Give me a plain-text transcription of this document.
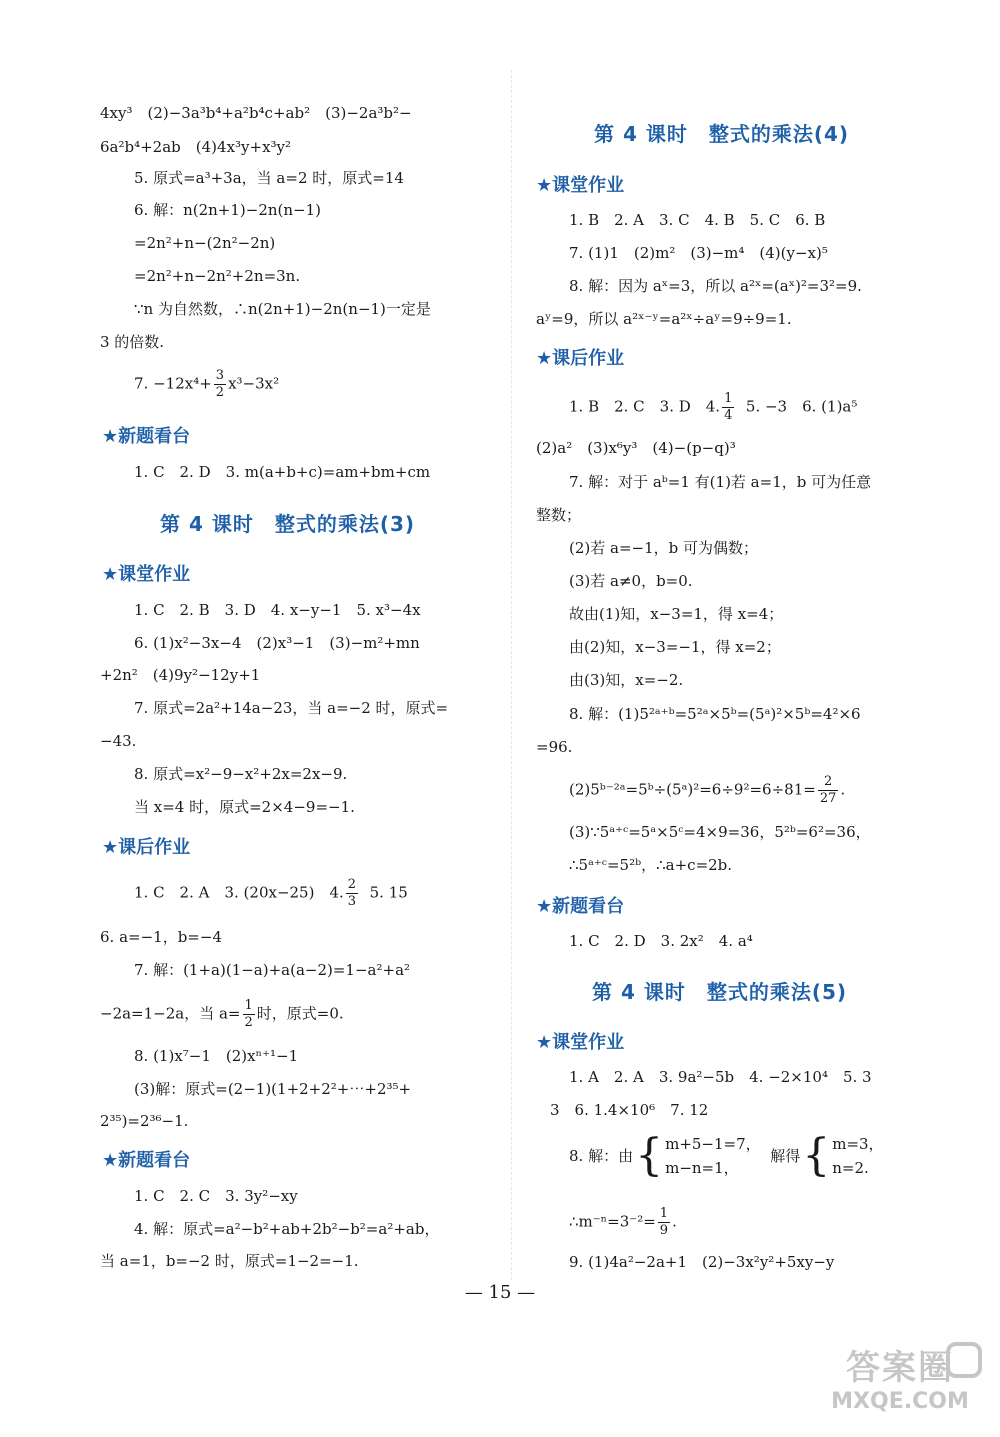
4xy³　(2)−3a³b⁴+a²b⁴c+ab²　(3)−2a³b²−
6a²b⁴+2ab　(4)4x³y+x³y²
5. 原式=a³+3a，当 a=2 时，原式=14
6. 解：n(2n+1)−2n(n−1)
=2n²+n−(2n²−2n)
=2n²+n−2n²+2n=3n.
∵n 为自然数，∴n(2n+1)−2n(n−1)一定是
3 的倍数.
7. $-12x^4+ \frac{3}{2} x^3-3x^2$
★新题看台
1. C　2. D　3. m(a+b+c)=am+bm+cm
第 4 课时　整式的乘法(3)
★课堂作业
1. C　2. B　3. D　4. x−y−1　5. x³−4x
6. (1)x²−3x−4　(2)x³−1　(3)−m²+mn
+2n²　(4)9y²−12y+1
7. 原式=2a²+14a−23，当 a=−2 时，原式=
−43.
8. 原式=x²−9−x²+2x=2x−9.
当 x=4 时，原式=2×4−9=−1.
★课后作业
1. C　2. A　3. (20x−25)　4. $\frac{2}{3} 5$. 15
6. a=−1，b=−4
7. 解：(1+a)(1−a)+a(a−2)=1−a²+a²
−2a=1−2a，当 $a= \frac{1}{2}$ 时，原式=0.
8. (1)x⁷−1　(2)xⁿ⁺¹−1
(3)解：原式=(2−1)(1+2+2²+⋯+2³⁵+
2³⁵)=2³⁶−1.
★新题看台
1. C　2. C　3. 3y²−xy
4. 解：原式=a²−b²+ab+2b²−b²=a²+ab，
当 a=1，b=−2 时，原式=1−2=−1.
第 4 课时　整式的乘法(4)
★课堂作业
1. B　2. A　3. C　4. B　5. C　6. B
7. (1)1　(2)m²　(3)−m⁴　(4)(y−x)⁵
8. 解：因为 aˣ=3，所以 a²ˣ=(aˣ)²=3²=9.
aʸ=9，所以 a²ˣ⁻ʸ=a²ˣ÷aʸ=9÷9=1.
★课后作业
1. B　2. C　3. D　4. $\frac{1}{4} 5$. −3　6. (1)a⁵
(2)a²　(3)x⁶y³　(4)−(p−q)³
7. 解：对于 aᵇ=1 有(1)若 a=1，b 可为任意
整数；
(2)若 a=−1，b 可为偶数；
(3)若 a≠0，b=0.
故由(1)知，x−3=1，得 x=4；
由(2)知，x−3=−1，得 x=2；
由(3)知，x=−2.
8. 解：(1)5²ᵃ⁺ᵇ=5²ᵃ×5ᵇ=(5ᵃ)²×5ᵇ=4²×6
=96.
(2)5ᵇ⁻²ᵃ=5ᵇ÷(5ᵃ)²=6÷9²=6÷81= $\frac{2}{27}$ .
(3)∵5ᵃ⁺ᶜ=5ᵃ×5ᶜ=4×9=36，5²ᵇ=6²=36，
∴5ᵃ⁺ᶜ=5²ᵇ，∴a+c=2b.
★新题看台
1. C　2. D　3. 2x²　4. a⁴
第 4 课时　整式的乘法(5)
★课堂作业
1. A　2. A　3. 9a²−5b　4. −2×10⁴　5. 3
3　6. 1.4×10⁶　7. 12
8. 解：由{ m+5−1=7，
m−n=1，
解得{ m=3，
n=2.
∴m⁻ⁿ=3⁻²= $\frac{1}{9}$ .
9. (1)4a²−2a+1　(2)−3x²y²+5xy−y
— 15 —
答案圈
MXQE.COM
